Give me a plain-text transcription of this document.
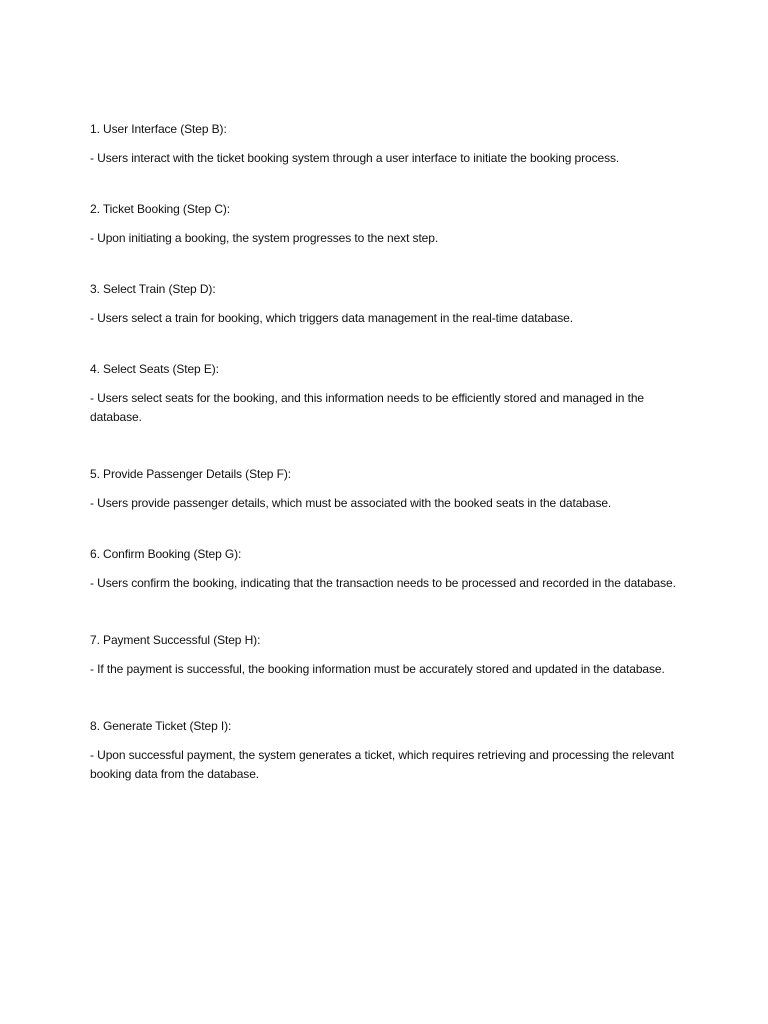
1. User Interface (Step B):

- Users interact with the ticket booking system through a user interface to initiate the booking process.

2. Ticket Booking (Step C):

- Upon initiating a booking, the system progresses to the next step.

3. Select Train (Step D):

- Users select a train for booking, which triggers data management in the real-time database.

4. Select Seats (Step E):

- Users select seats for the booking, and this information needs to be efficiently stored and managed in the database.

5. Provide Passenger Details (Step F):

- Users provide passenger details, which must be associated with the booked seats in the database.

6. Confirm Booking (Step G):

- Users confirm the booking, indicating that the transaction needs to be processed and recorded in the database.

7. Payment Successful (Step H):

- If the payment is successful, the booking information must be accurately stored and updated in the database.

8. Generate Ticket (Step I):

- Upon successful payment, the system generates a ticket, which requires retrieving and processing the relevant booking data from the database.
